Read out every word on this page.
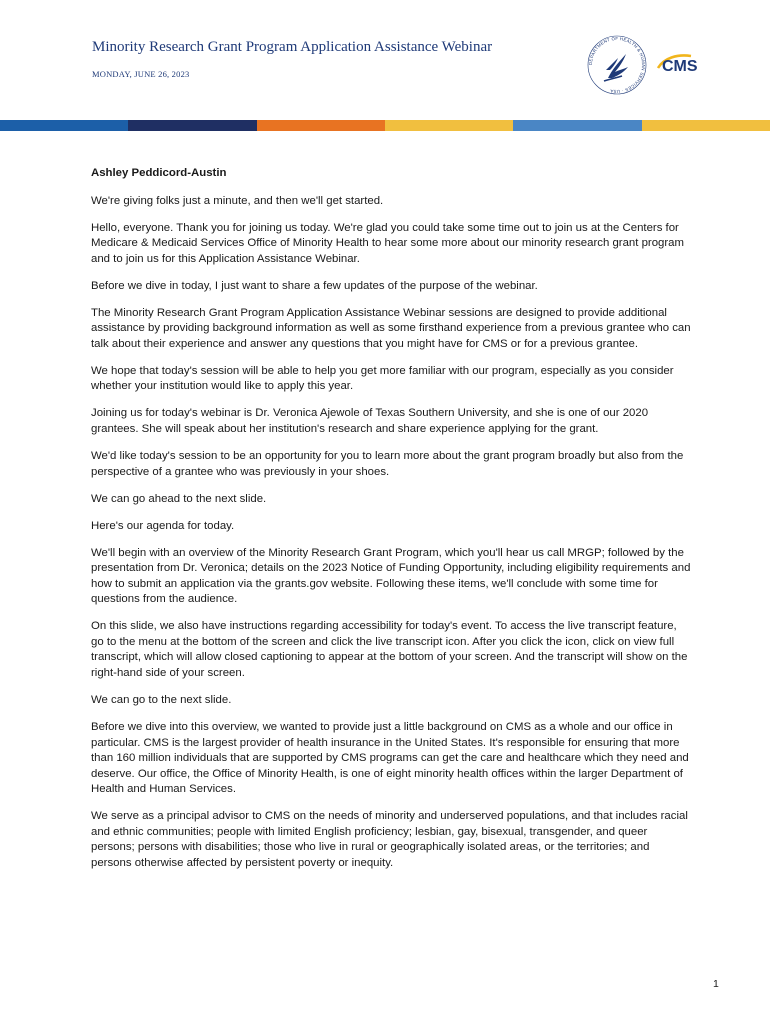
Minority Research Grant Program Application Assistance Webinar
MONDAY, JUNE 26, 2023
DEPARTMENT OF HEALTH & HUMAN SERVICES · USA
CMS
Ashley Peddicord-Austin

We're giving folks just a minute, and then we'll get started.

Hello, everyone. Thank you for joining us today. We're glad you could take some time out to join us at the Centers for Medicare & Medicaid Services Office of Minority Health to hear some more about our minority research grant program and to join us for this Application Assistance Webinar.

Before we dive in today, I just want to share a few updates of the purpose of the webinar.

The Minority Research Grant Program Application Assistance Webinar sessions are designed to provide additional assistance by providing background information as well as some firsthand experience from a previous grantee who can talk about their experience and answer any questions that you might have for CMS or for a previous grantee.

We hope that today's session will be able to help you get more familiar with our program, especially as you consider whether your institution would like to apply this year.

Joining us for today's webinar is Dr. Veronica Ajewole of Texas Southern University, and she is one of our 2020 grantees. She will speak about her institution's research and share experience applying for the grant.

We'd like today's session to be an opportunity for you to learn more about the grant program broadly but also from the perspective of a grantee who was previously in your shoes.

We can go ahead to the next slide.

Here's our agenda for today.

We'll begin with an overview of the Minority Research Grant Program, which you'll hear us call MRGP; followed by the presentation from Dr. Veronica; details on the 2023 Notice of Funding Opportunity, including eligibility requirements and how to submit an application via the grants.gov website. Following these items, we'll conclude with some time for questions from the audience.

On this slide, we also have instructions regarding accessibility for today's event. To access the live transcript feature, go to the menu at the bottom of the screen and click the live transcript icon. After you click the icon, click on view full transcript, which will allow closed captioning to appear at the bottom of your screen. And the transcript will show on the right-hand side of your screen.

We can go to the next slide.

Before we dive into this overview, we wanted to provide just a little background on CMS as a whole and our office in particular. CMS is the largest provider of health insurance in the United States. It's responsible for ensuring that more than 160 million individuals that are supported by CMS programs can get the care and healthcare which they need and deserve. Our office, the Office of Minority Health, is one of eight minority health offices within the larger Department of Health and Human Services.

We serve as a principal advisor to CMS on the needs of minority and underserved populations, and that includes racial and ethnic communities; people with limited English proficiency; lesbian, gay, bisexual, transgender, and queer persons; persons with disabilities; those who live in rural or geographically isolated areas, or the territories; and persons otherwise affected by persistent poverty or inequity.

1
